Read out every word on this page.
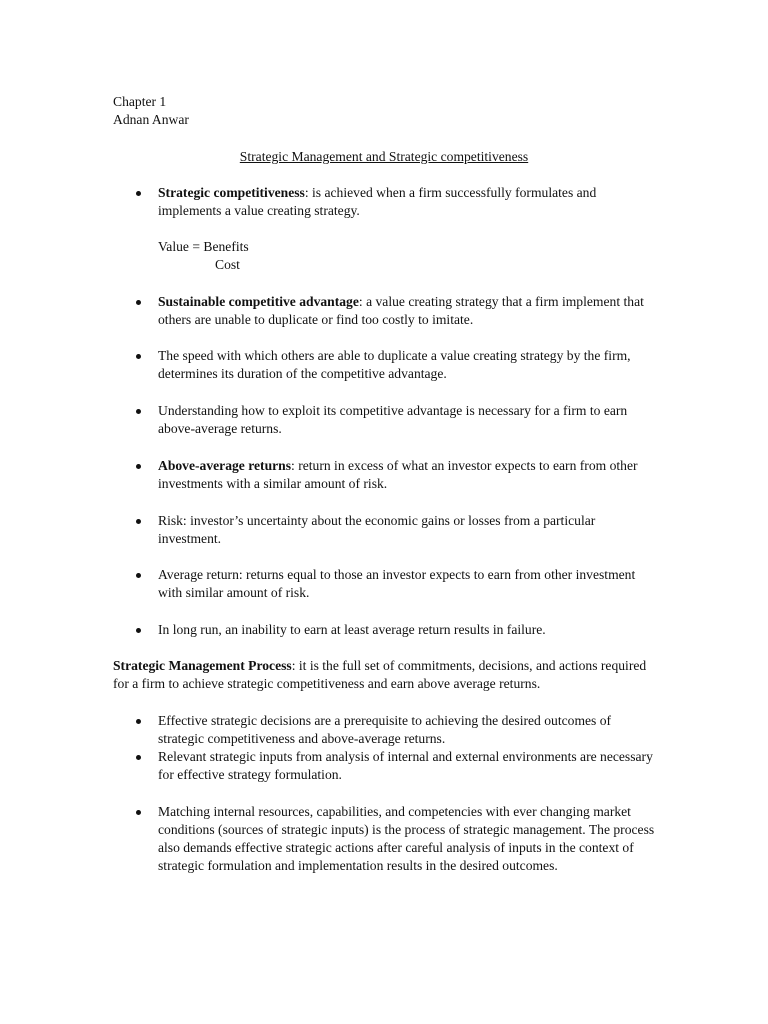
Chapter 1
Adnan Anwar
Strategic Management and Strategic competitiveness
Strategic competitiveness: is achieved when a firm successfully formulates and implements a value creating strategy.
Value = Benefits
Cost
Sustainable competitive advantage: a value creating strategy that a firm implement that others are unable to duplicate or find too costly to imitate.
The speed with which others are able to duplicate a value creating strategy by the firm, determines its duration of the competitive advantage.
Understanding how to exploit its competitive advantage is necessary for a firm to earn above-average returns.
Above-average returns: return in excess of what an investor expects to earn from other investments with a similar amount of risk.
Risk: investor’s uncertainty about the economic gains or losses from a particular investment.
Average return: returns equal to those an investor expects to earn from other investment with similar amount of risk.
In long run, an inability to earn at least average return results in failure.
Strategic Management Process: it is the full set of commitments, decisions, and actions required for a firm to achieve strategic competitiveness and earn above average returns.
Effective strategic decisions are a prerequisite to achieving the desired outcomes of strategic competitiveness and above-average returns.
Relevant strategic inputs from analysis of internal and external environments are necessary for effective strategy formulation.
Matching internal resources, capabilities, and competencies with ever changing market conditions (sources of strategic inputs) is the process of strategic management. The process also demands effective strategic actions after careful analysis of inputs in the context of strategic formulation and implementation results in the desired outcomes.
